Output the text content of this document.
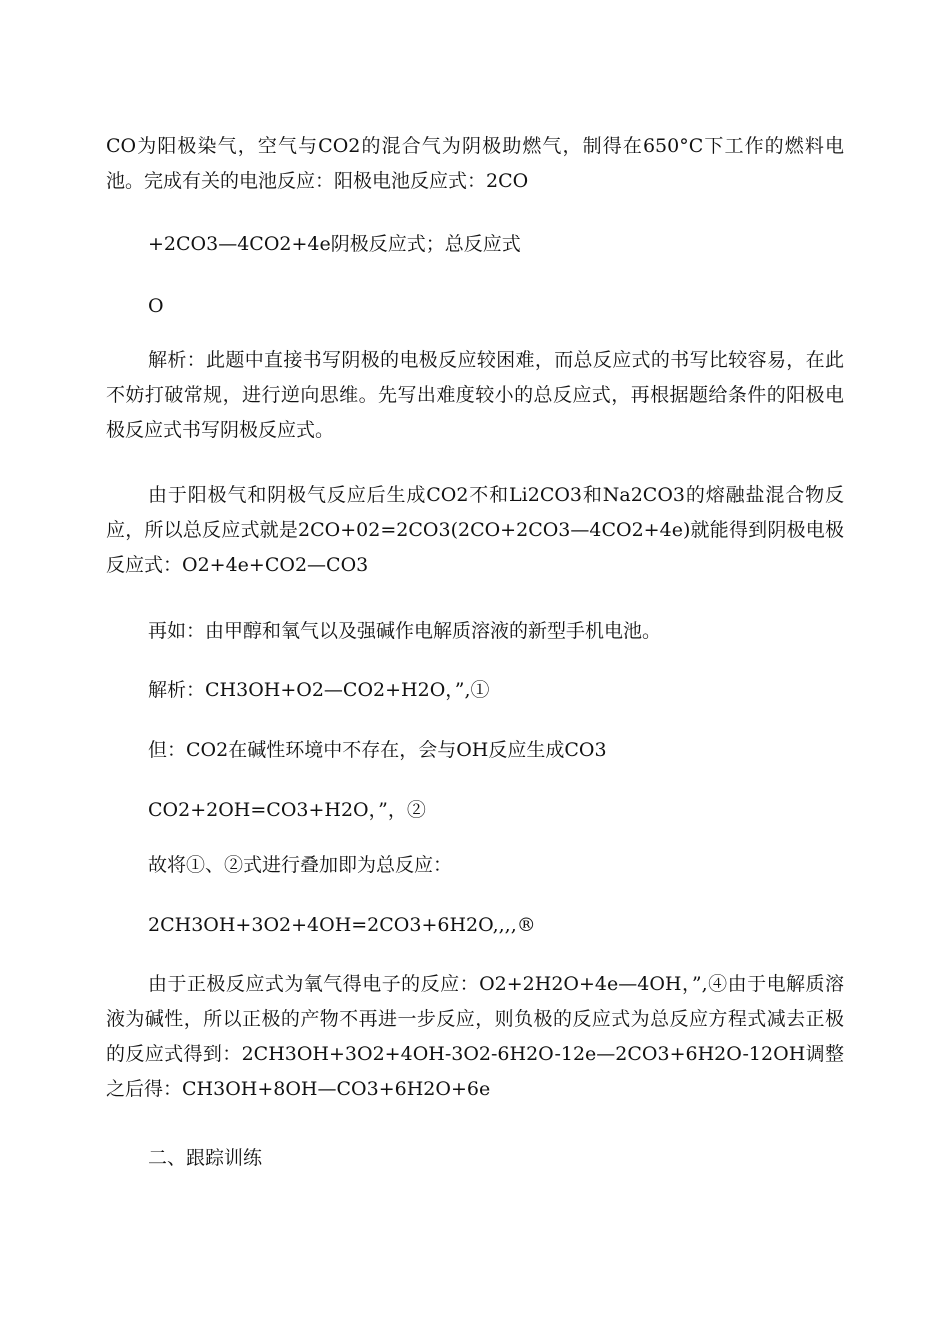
CO为阳极染气，空气与CO2的混合气为阴极助燃气，制得在650°C下工作的燃料电池。完成有关的电池反应：阳极电池反应式：2CO

+2CO3—4CO2+4e阴极反应式；总反应式

O

解析：此题中直接书写阴极的电极反应较困难，而总反应式的书写比较容易，在此不妨打破常规，进行逆向思维。先写出难度较小的总反应式，再根据题给条件的阳极电极反应式书写阴极反应式。

由于阳极气和阴极气反应后生成CO2不和Li2CO3和Na2CO3的熔融盐混合物反应，所以总反应式就是2CO+02=2CO3(2CO+2CO3—4CO2+4e)就能得到阴极电极反应式：O2+4e+CO2—CO3

再如：由甲醇和氧气以及强碱作电解质溶液的新型手机电池。

解析：CH3OH+O2—CO2+H2O，”,①

但：CO2在碱性环境中不存在，会与OH反应生成CO3

CO2+2OH=CO3+H2O，”，②

故将①、②式进行叠加即为总反应：

2CH3OH+3O2+4OH=2CO3+6H2O,,,,®

由于正极反应式为氧气得电子的反应：O2+2H2O+4e—4OH，”,④由于电解质溶液为碱性，所以正极的产物不再进一步反应，则负极的反应式为总反应方程式减去正极的反应式得到：2CH3OH+3O2+4OH-3O2-6H2O-12e—2CO3+6H2O-12OH调整之后得：CH3OH+8OH—CO3+6H2O+6e

二、跟踪训练
